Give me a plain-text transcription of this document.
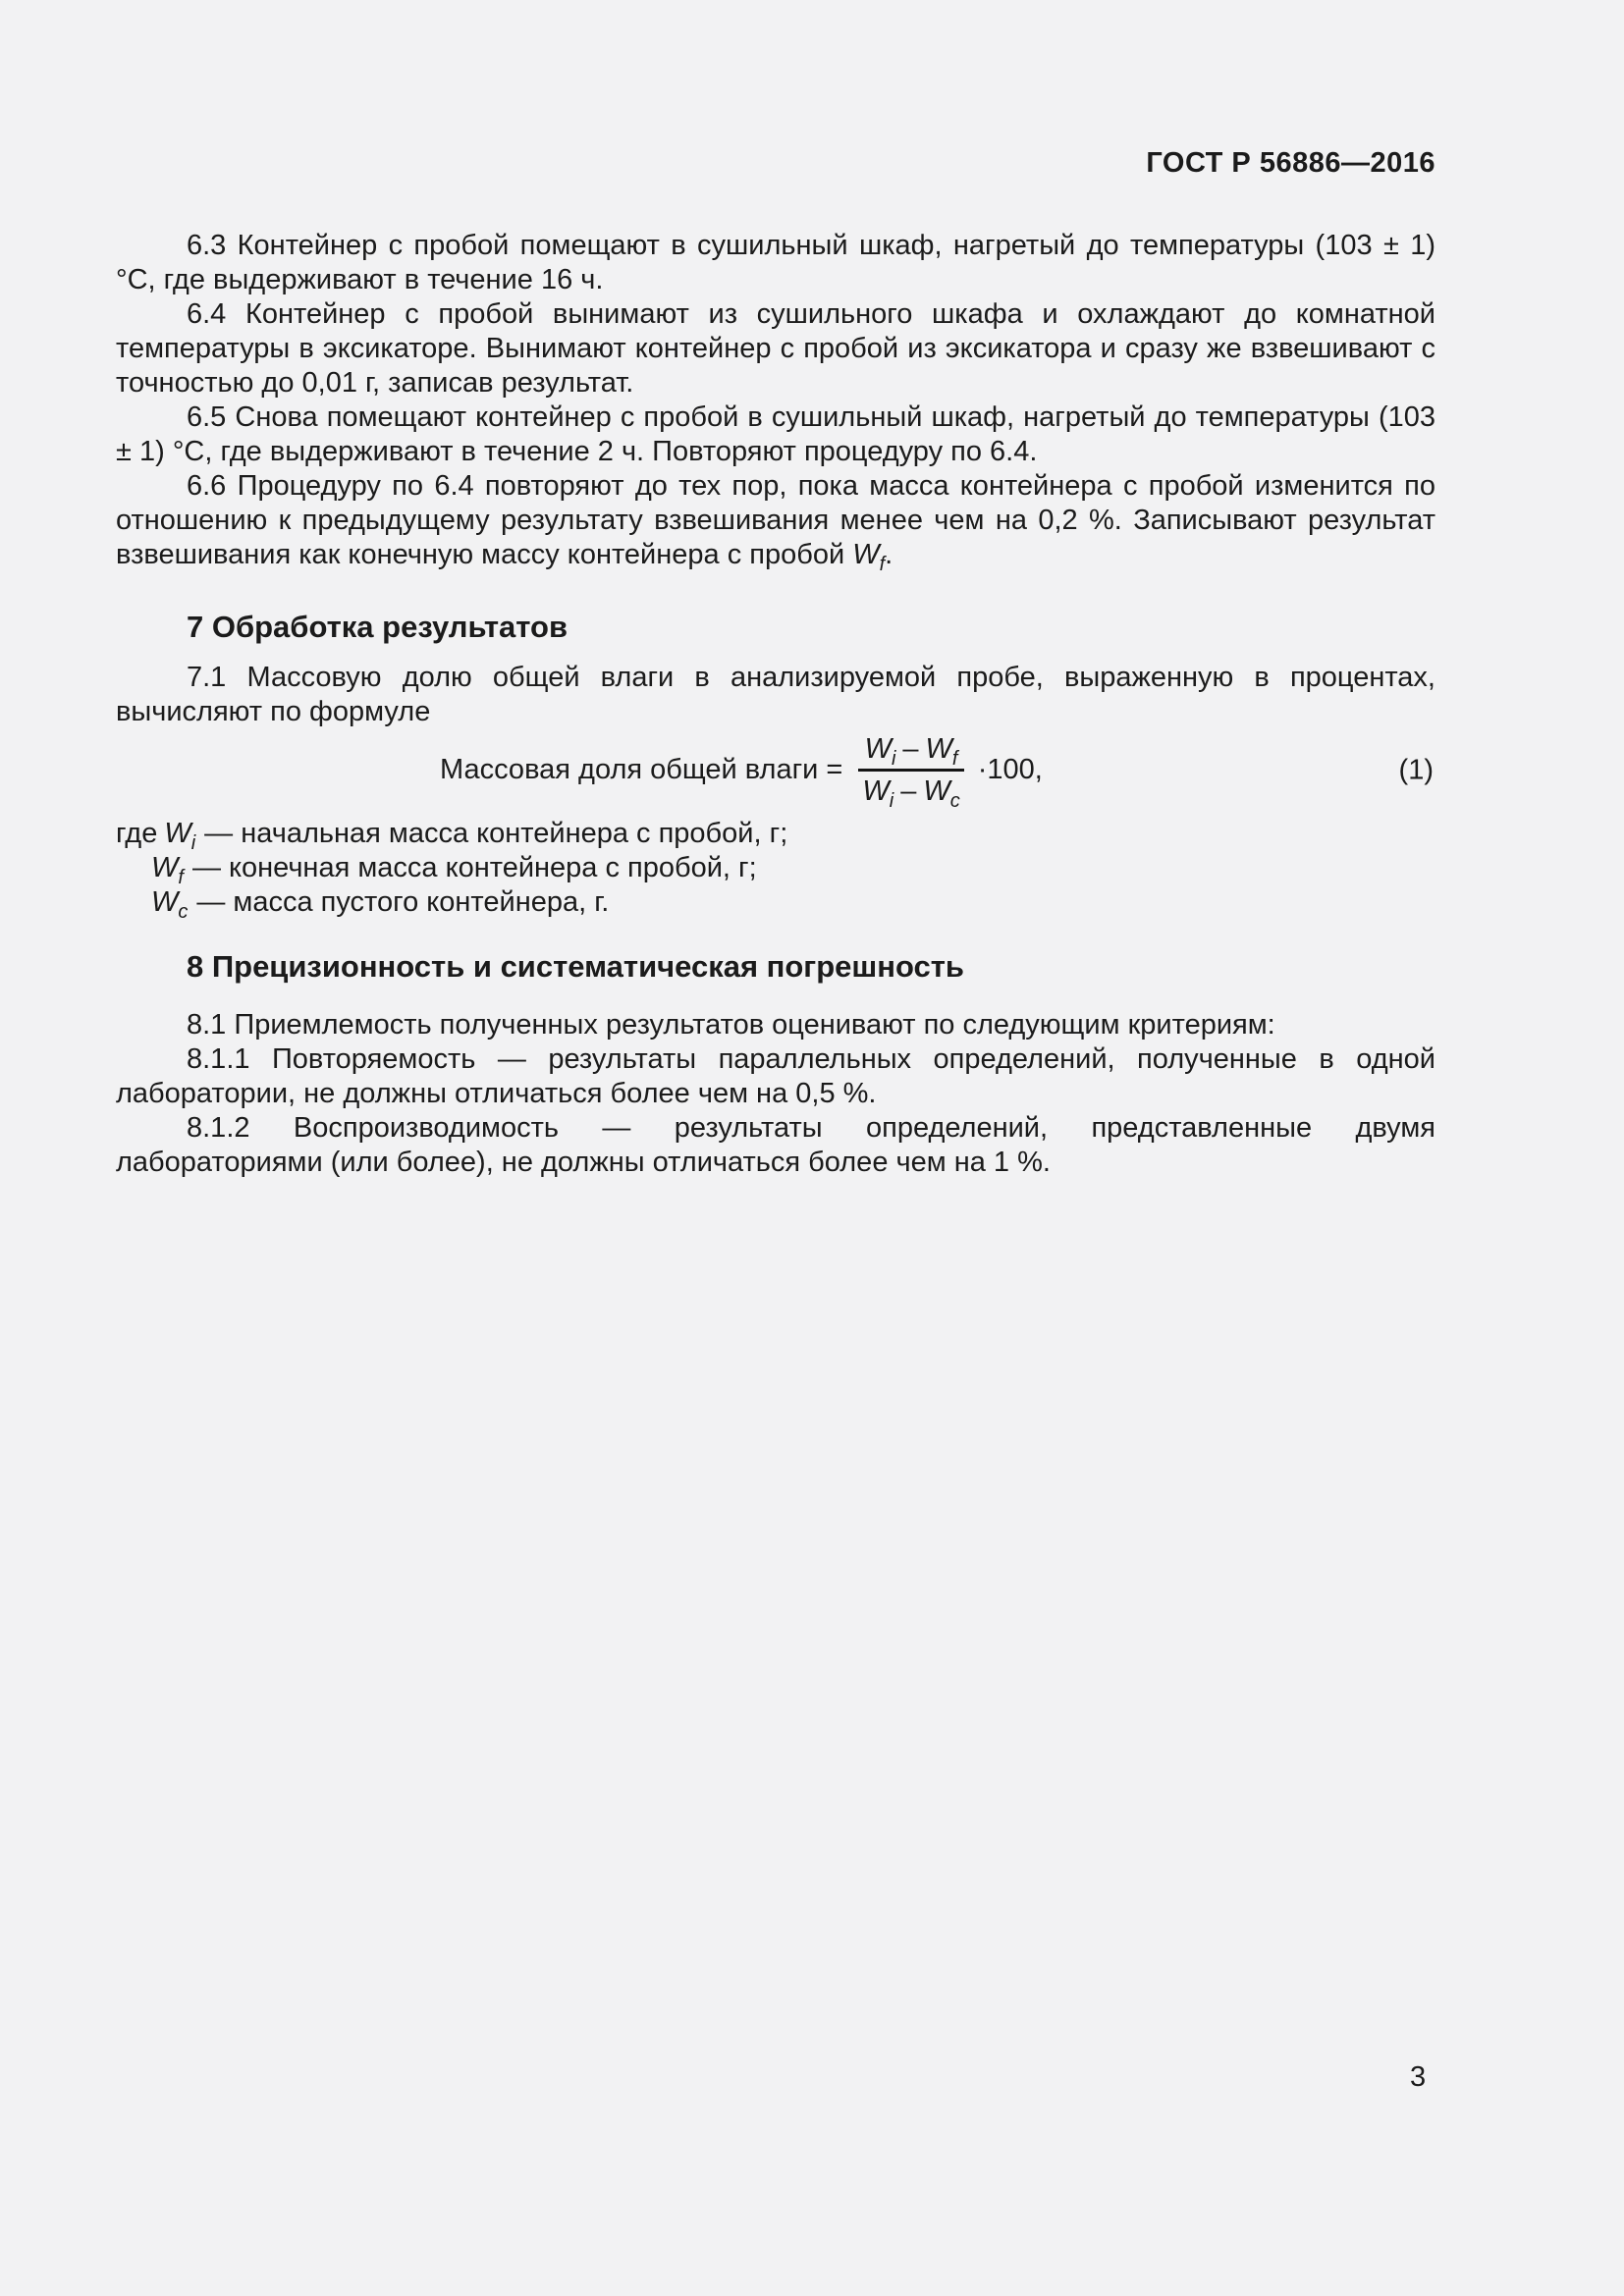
ГОСТ Р 56886—2016

6.3 Контейнер с пробой помещают в сушильный шкаф, нагретый до температуры (103 ± 1) °С, где выдерживают в течение 16 ч.

6.4 Контейнер с пробой вынимают из сушильного шкафа и охлаждают до комнатной температуры в эксикаторе. Вынимают контейнер с пробой из эксикатора и сразу же взвешивают с точностью до 0,01 г, записав результат.

6.5 Снова помещают контейнер с пробой в сушильный шкаф, нагретый до температуры (103 ± 1) °С, где выдерживают в течение 2 ч. Повторяют процедуру по 6.4.

6.6 Процедуру по 6.4 повторяют до тех пор, пока масса контейнера с пробой изменится по отношению к предыдущему результату взвешивания менее чем на 0,2 %. Записывают результат взвешивания как конечную массу контейнера с пробой $W_f$.

7 Обработка результатов

7.1 Массовую долю общей влаги в анализируемой пробе, выраженную в процентах, вычисляют по формуле

Массовая доля общей влаги = $\frac{W_i - W_f}{W_i - W_c} \cdot 100$,	(1)
где $W_i$ — начальная масса контейнера с пробой, г;
$W_f$ — конечная масса контейнера с пробой, г;
$W_c$ — масса пустого контейнера, г.
8 Прецизионность и систематическая погрешность

8.1 Приемлемость полученных результатов оценивают по следующим критериям:

8.1.1 Повторяемость — результаты параллельных определений, полученные в одной лаборатории, не должны отличаться более чем на 0,5 %.

8.1.2 Воспроизводимость — результаты определений, представленные двумя лабораториями (или более), не должны отличаться более чем на 1 %.

3
